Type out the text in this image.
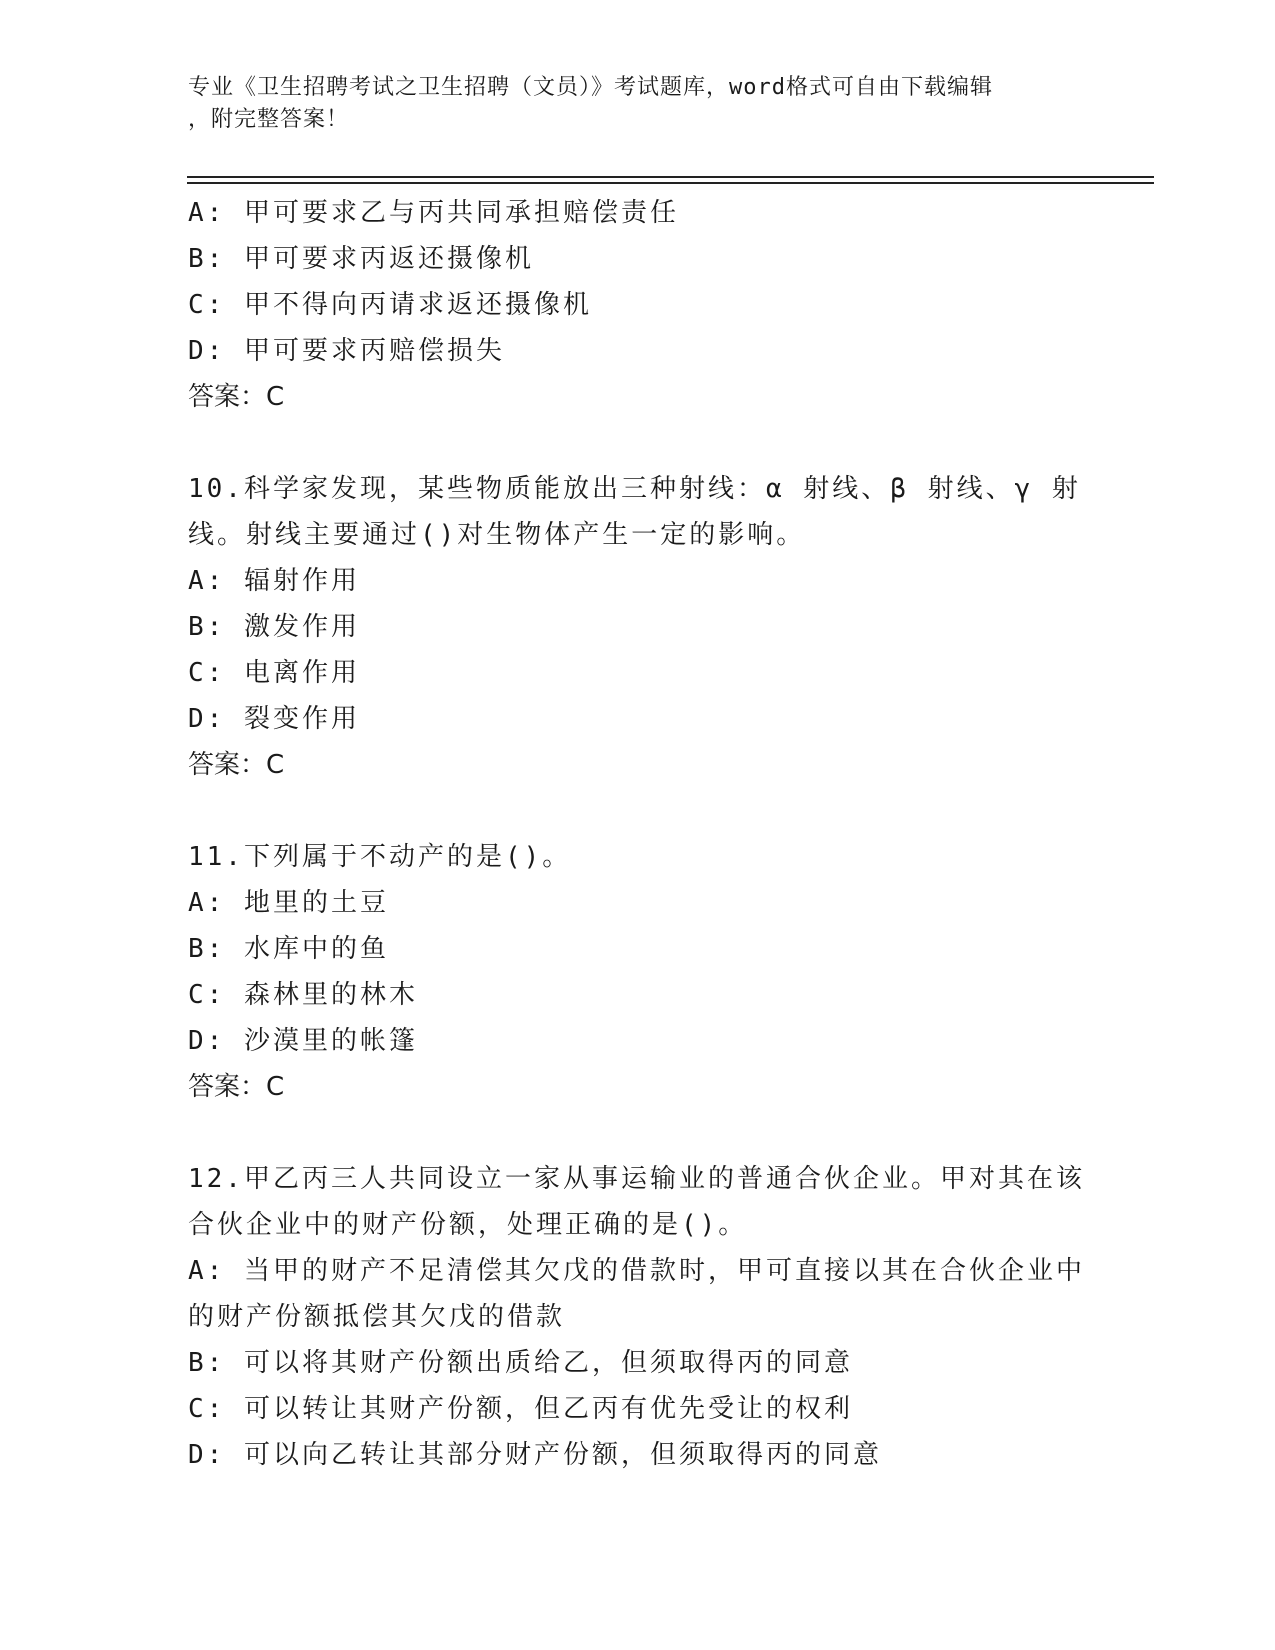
专业《卫生招聘考试之卫生招聘（文员）》考试题库，word格式可自由下载编辑
，附完整答案！
A: 甲可要求乙与丙共同承担赔偿责任
B: 甲可要求丙返还摄像机
C: 甲不得向丙请求返还摄像机
D: 甲可要求丙赔偿损失
答案：C
10.科学家发现，某些物质能放出三种射线：α 射线、β 射线、γ 射
线。射线主要通过()对生物体产生一定的影响。
A: 辐射作用
B: 激发作用
C: 电离作用
D: 裂变作用
答案：C
11.下列属于不动产的是()。
A: 地里的土豆
B: 水库中的鱼
C: 森林里的林木
D: 沙漠里的帐篷
答案：C
12.甲乙丙三人共同设立一家从事运输业的普通合伙企业。甲对其在该
合伙企业中的财产份额，处理正确的是()。
A: 当甲的财产不足清偿其欠戊的借款时，甲可直接以其在合伙企业中
的财产份额抵偿其欠戊的借款
B: 可以将其财产份额出质给乙，但须取得丙的同意
C: 可以转让其财产份额，但乙丙有优先受让的权利
D: 可以向乙转让其部分财产份额，但须取得丙的同意
